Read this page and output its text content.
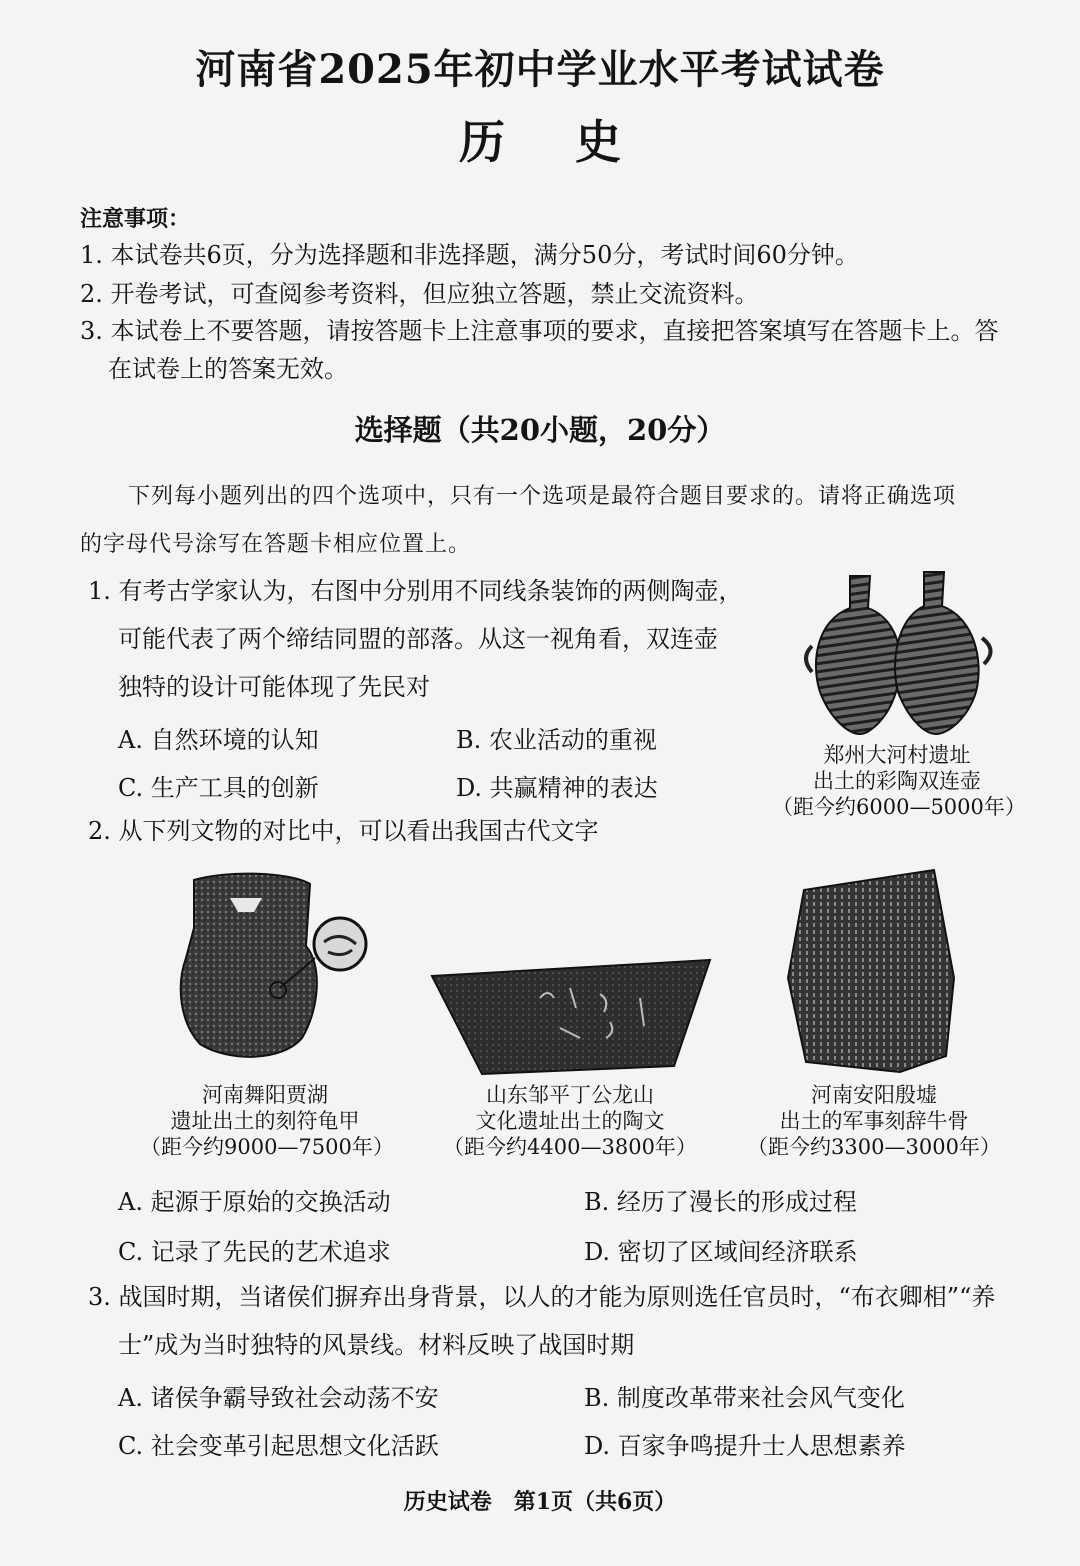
河南省2025年初中学业水平考试试卷
历史
注意事项：
1. 本试卷共6页，分为选择题和非选择题，满分50分，考试时间60分钟。
2. 开卷考试，可查阅参考资料，但应独立答题，禁止交流资料。
3. 本试卷上不要答题，请按答题卡上注意事项的要求，直接把答案填写在答题卡上。答
在试卷上的答案无效。
选择题（共20小题，20分）
下列每小题列出的四个选项中，只有一个选项是最符合题目要求的。请将正确选项
的字母代号涂写在答题卡相应位置上。
1. 有考古学家认为，右图中分别用不同线条装饰的两侧陶壶，
可能代表了两个缔结同盟的部落。从这一视角看，双连壶
独特的设计可能体现了先民对
A. 自然环境的认知	B. 农业活动的重视
C. 生产工具的创新	D. 共赢精神的表达
郑州大河村遗址
出土的彩陶双连壶
（距今约6000—5000年）
2. 从下列文物的对比中，可以看出我国古代文字
河南舞阳贾湖
遗址出土的刻符龟甲
（距今约9000—7500年）
山东邹平丁公龙山
文化遗址出土的陶文
（距今约4400—3800年）
河南安阳殷墟
出土的军事刻辞牛骨
（距今约3300—3000年）
A. 起源于原始的交换活动	B. 经历了漫长的形成过程
C. 记录了先民的艺术追求	D. 密切了区域间经济联系
3. 战国时期，当诸侯们摒弃出身背景，以人的才能为原则选任官员时，“布衣卿相”“养
士”成为当时独特的风景线。材料反映了战国时期
A. 诸侯争霸导致社会动荡不安	B. 制度改革带来社会风气变化
C. 社会变革引起思想文化活跃	D. 百家争鸣提升士人思想素养
历史试卷　第1页（共6页）
